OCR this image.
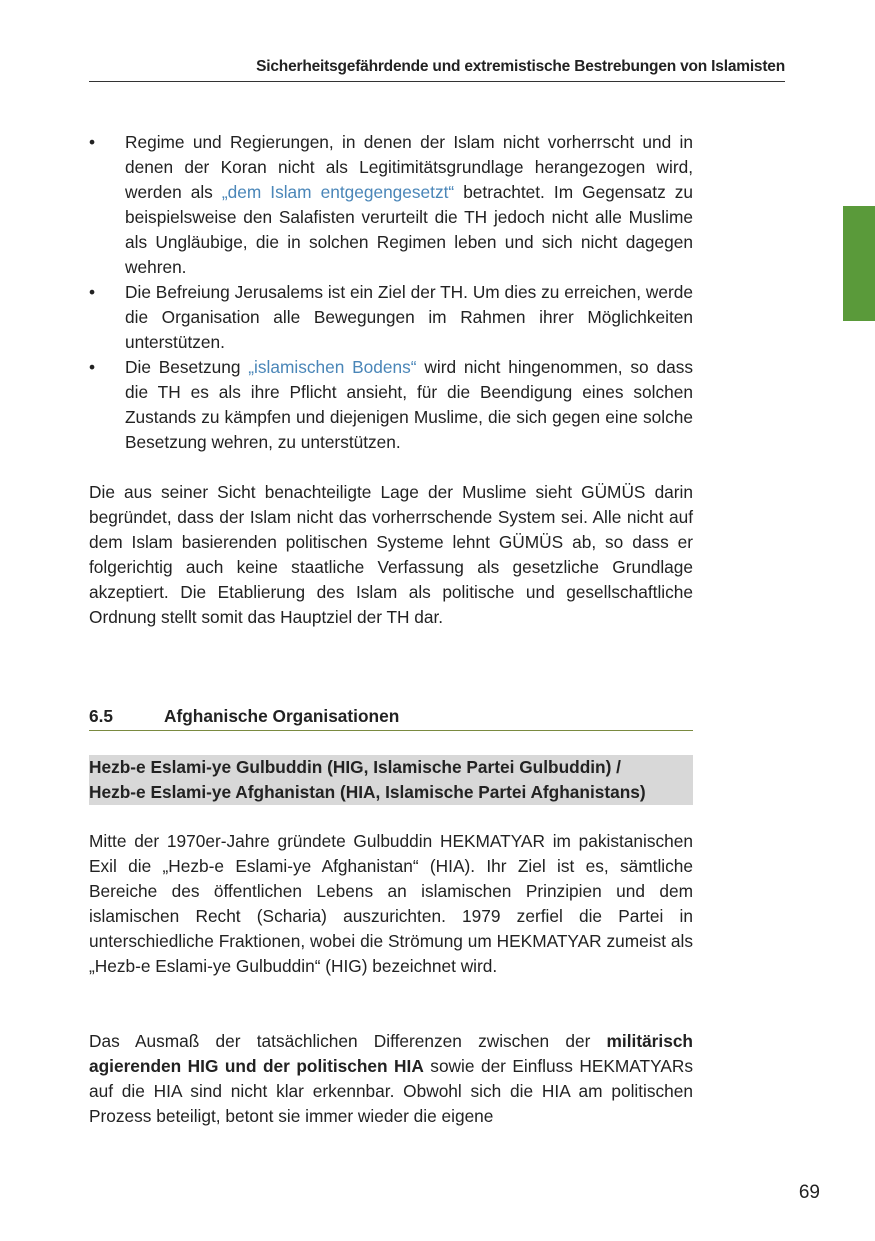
Sicherheitsgefährdende und extremistische Bestrebungen von Islamisten
• Regime und Regierungen, in denen der Islam nicht vorherrscht und in denen der Koran nicht als Legitimitätsgrundlage herangezogen wird, werden als „dem Islam entgegengesetzt“ betrachtet. Im Gegensatz zu beispielsweise den Salafisten verurteilt die TH jedoch nicht alle Muslime als Ungläubige, die in solchen Regimen leben und sich nicht dagegen wehren.
• Die Befreiung Jerusalems ist ein Ziel der TH. Um dies zu erreichen, werde die Organisation alle Bewegungen im Rahmen ihrer Möglichkeiten unterstützen.
• Die Besetzung „islamischen Bodens“ wird nicht hingenommen, so dass die TH es als ihre Pflicht ansieht, für die Beendigung eines solchen Zustands zu kämpfen und diejenigen Muslime, die sich gegen eine solche Besetzung wehren, zu unterstützen.

Die aus seiner Sicht benachteiligte Lage der Muslime sieht GÜMÜS darin begründet, dass der Islam nicht das vorherrschende System sei. Alle nicht auf dem Islam basierenden politischen Systeme lehnt GÜMÜS ab, so dass er folgerichtig auch keine staatliche Verfassung als gesetzliche Grundlage akzeptiert. Die Etablierung des Islam als politische und gesellschaftliche Ordnung stellt somit das Hauptziel der TH dar.

6.5	Afghanische Organisationen
Hezb-e Eslami-ye Gulbuddin (HIG, Islamische Partei Gulbuddin) /
Hezb-e Eslami-ye Afghanistan (HIA, Islamische Partei Afghanistans)

Mitte der 1970er-Jahre gründete Gulbuddin HEKMATYAR im pakistanischen Exil die „Hezb-e Eslami-ye Afghanistan“ (HIA). Ihr Ziel ist es, sämtliche Bereiche des öffentlichen Lebens an islamischen Prinzipien und dem islamischen Recht (Scharia) auszurichten. 1979 zerfiel die Partei in unterschiedliche Fraktionen, wobei die Strömung um HEKMATYAR zumeist als „Hezb-e Eslami-ye Gulbuddin“ (HIG) bezeichnet wird.

Das Ausmaß der tatsächlichen Differenzen zwischen der militärisch agierenden HIG und der politischen HIA sowie der Einfluss HEKMATYARs auf die HIA sind nicht klar erkennbar. Obwohl sich die HIA am politischen Prozess beteiligt, betont sie immer wieder die eigene

69
